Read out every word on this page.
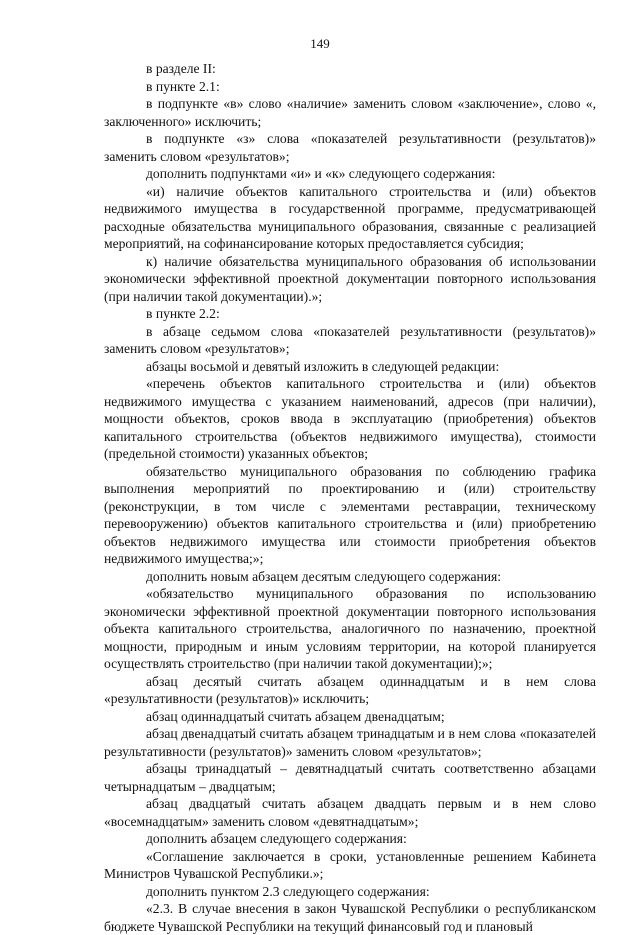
149

в разделе II:

в пункте 2.1:

в подпункте «в» слово «наличие» заменить словом «заключение», слово «, заключенного» исключить;

в подпункте «з» слова «показателей результативности (результатов)» заменить словом «результатов»;

дополнить подпунктами «и» и «к» следующего содержания:

«и) наличие объектов капитального строительства и (или) объектов недвижимого имущества в государственной программе, предусматривающей расходные обязательства муниципального образования, связанные с реализацией мероприятий, на софинансирование которых предоставляется субсидия;

к) наличие обязательства муниципального образования об использовании экономически эффективной проектной документации повторного использования (при наличии такой документации).»;

в пункте 2.2:

в абзаце седьмом слова «показателей результативности (результатов)» заменить словом «результатов»;

абзацы восьмой и девятый изложить в следующей редакции:

«перечень объектов капитального строительства и (или) объектов недвижимого имущества с указанием наименований, адресов (при наличии), мощности объектов, сроков ввода в эксплуатацию (приобретения) объектов капитального строительства (объектов недвижимого имущества), стоимости (предельной стоимости) указанных объектов;

обязательство муниципального образования по соблюдению графика выполнения мероприятий по проектированию и (или) строительству (реконструкции, в том числе с элементами реставрации, техническому перевооружению) объектов капитального строительства и (или) приобретению объектов недвижимого имущества или стоимости приобретения объектов недвижимого имущества;»;

дополнить новым абзацем десятым следующего содержания:

«обязательство муниципального образования по использованию экономически эффективной проектной документации повторного использования объекта капитального строительства, аналогичного по назначению, проектной мощности, природным и иным условиям территории, на которой планируется осуществлять строительство (при наличии такой документации);»;

абзац десятый считать абзацем одиннадцатым и в нем слова «результативности (результатов)» исключить;

абзац одиннадцатый считать абзацем двенадцатым;

абзац двенадцатый считать абзацем тринадцатым и в нем слова «показателей результативности (результатов)» заменить словом «результатов»;

абзацы тринадцатый – девятнадцатый считать соответственно абзацами четырнадцатым – двадцатым;

абзац двадцатый считать абзацем двадцать первым и в нем слово «восемнадцатым» заменить словом «девятнадцатым»;

дополнить абзацем следующего содержания:

«Соглашение заключается в сроки, установленные решением Кабинета Министров Чувашской Республики.»;

дополнить пунктом 2.3 следующего содержания:

«2.3. В случае внесения в закон Чувашской Республики о республиканском бюджете Чувашской Республики на текущий финансовый год и плановый
